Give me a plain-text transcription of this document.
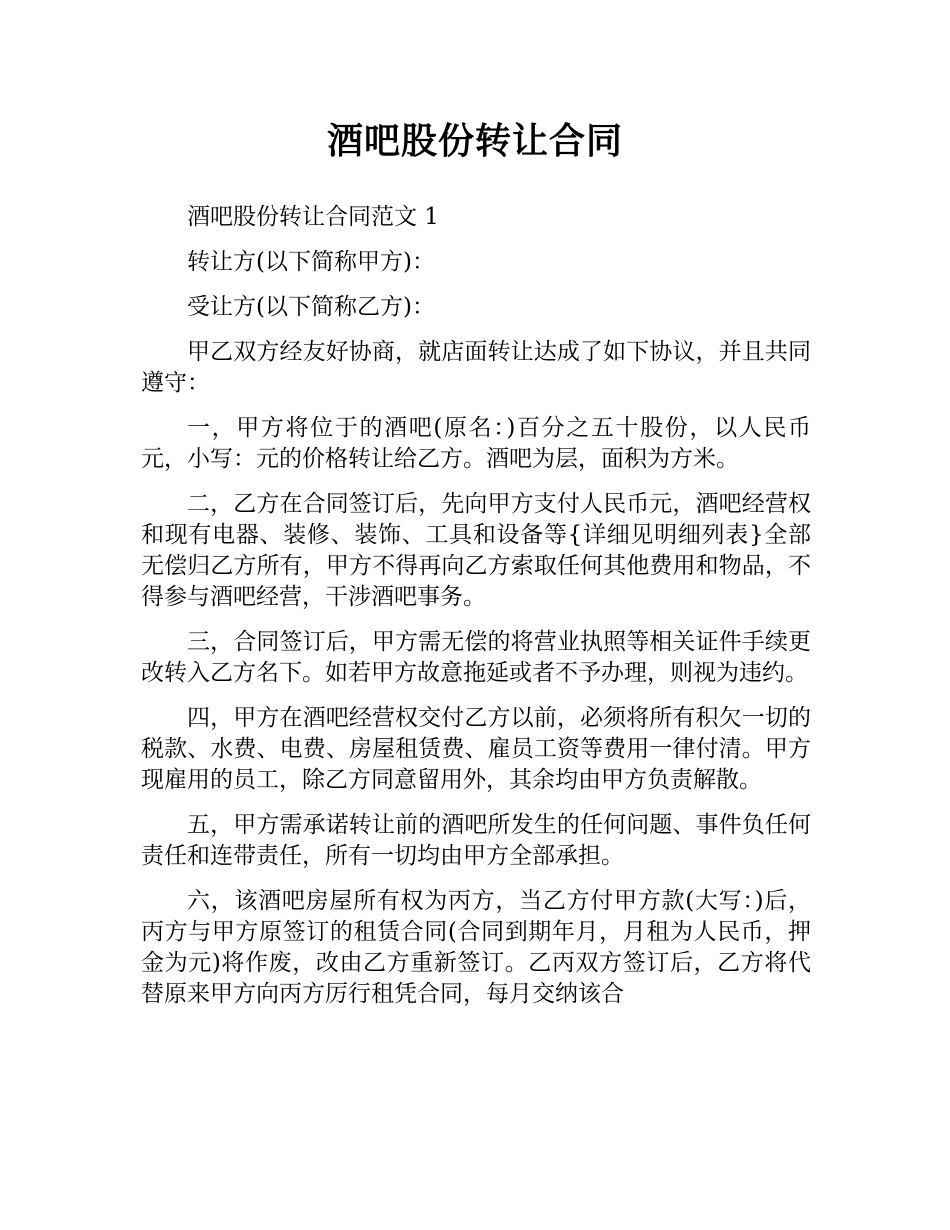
酒吧股份转让合同

酒吧股份转让合同范文 1

转让方(以下简称甲方)：

受让方(以下简称乙方)：

甲乙双方经友好协商，就店面转让达成了如下协议，并且共同遵守：

一，甲方将位于的酒吧(原名：)百分之五十股份，以人民币元，小写：元的价格转让给乙方。酒吧为层，面积为方米。

二，乙方在合同签订后，先向甲方支付人民币元，酒吧经营权和现有电器、装修、装饰、工具和设备等{详细见明细列表}全部无偿归乙方所有，甲方不得再向乙方索取任何其他费用和物品，不得参与酒吧经营，干涉酒吧事务。

三，合同签订后，甲方需无偿的将营业执照等相关证件手续更改转入乙方名下。如若甲方故意拖延或者不予办理，则视为违约。

四，甲方在酒吧经营权交付乙方以前，必须将所有积欠一切的税款、水费、电费、房屋租赁费、雇员工资等费用一律付清。甲方现雇用的员工，除乙方同意留用外，其余均由甲方负责解散。

五，甲方需承诺转让前的酒吧所发生的任何问题、事件负任何责任和连带责任，所有一切均由甲方全部承担。

六，该酒吧房屋所有权为丙方，当乙方付甲方款(大写：)后，丙方与甲方原签订的租赁合同(合同到期年月，月租为人民币，押金为元)将作废，改由乙方重新签订。乙丙双方签订后，乙方将代替原来甲方向丙方厉行租凭合同，每月交纳该合
